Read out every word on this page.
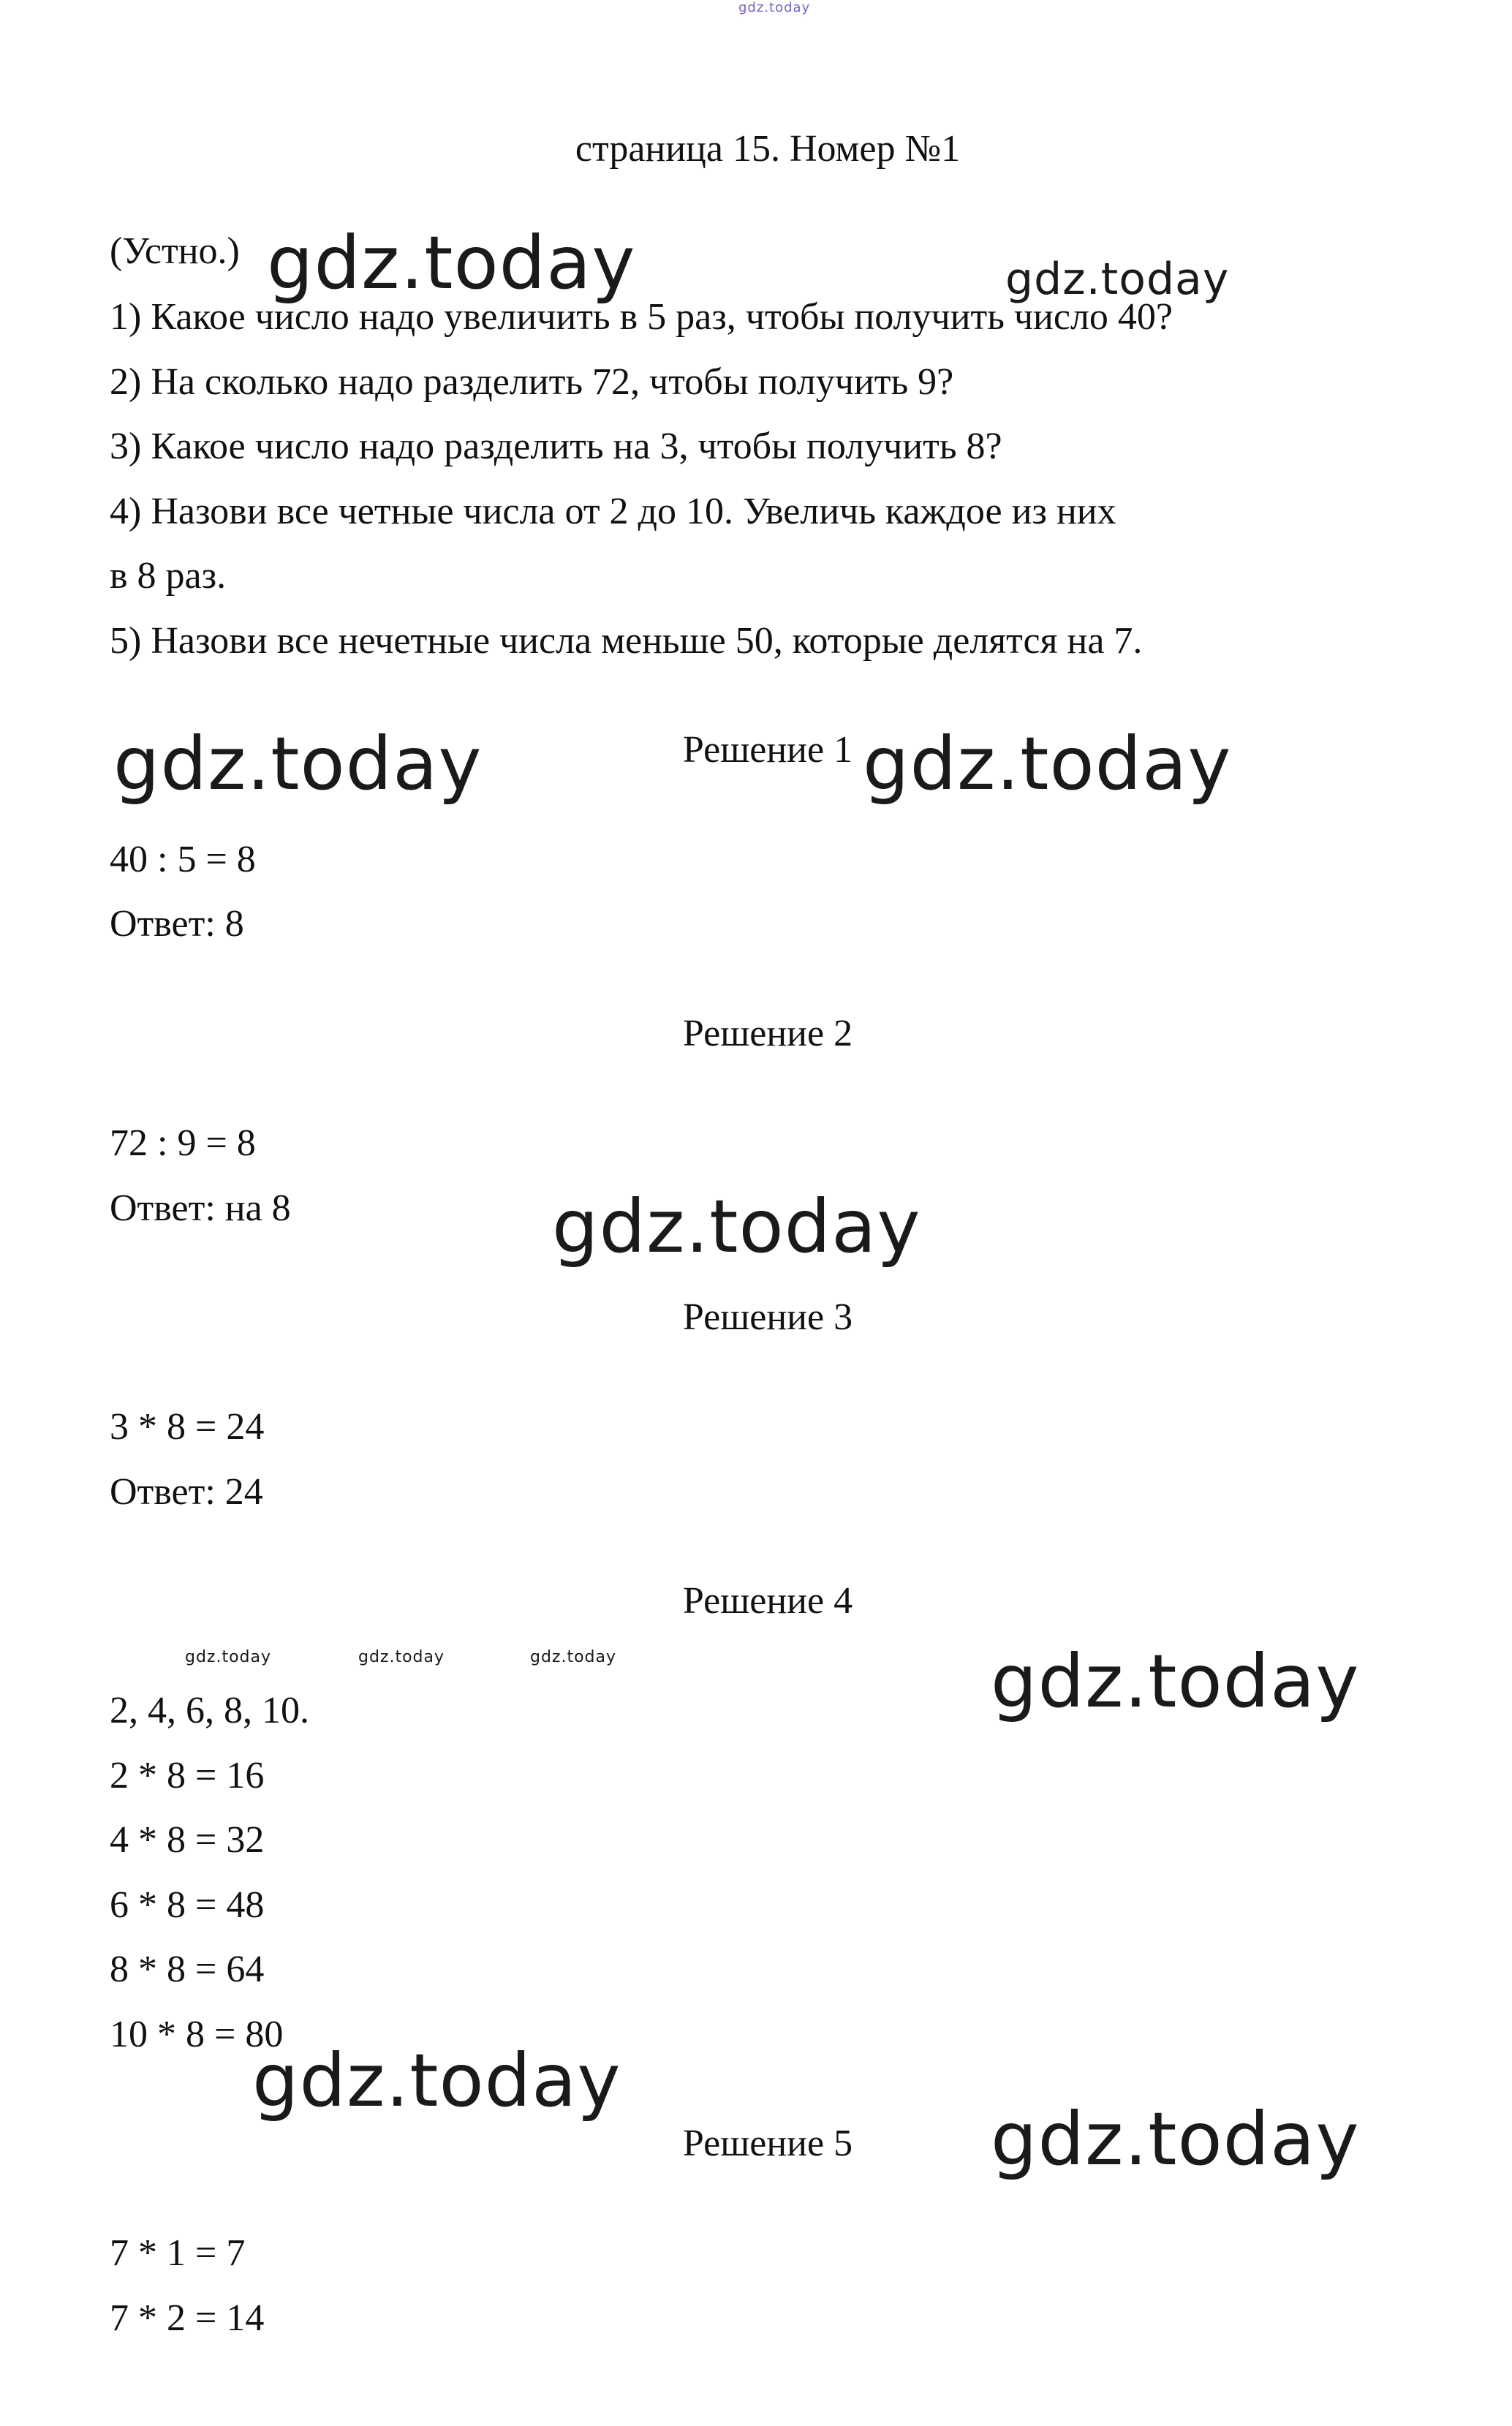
gdz.today
страница 15. Номер №1
(Устно.)
1) Какое число надо увеличить в 5 раз, чтобы получить число 40?
2) На сколько надо разделить 72, чтобы получить 9?
3) Какое число надо разделить на 3, чтобы получить 8?
4) Назови все четные числа от 2 до 10. Увеличь каждое из них
в 8 раз.
5) Назови все нечетные числа меньше 50, которые делятся на 7.
Решение 1
40 : 5 = 8
Ответ: 8
Решение 2
72 : 9 = 8
Ответ: на 8
Решение 3
3 * 8 = 24
Ответ: 24
Решение 4
2, 4, 6, 8, 10.
2 * 8 = 16
4 * 8 = 32
6 * 8 = 48
8 * 8 = 64
10 * 8 = 80
Решение 5
7 * 1 = 7
7 * 2 = 14
gdz.today	gdz.today
gdz.today	gdz.today
gdz.today
gdz.today	gdz.today	gdz.today	gdz.today
gdz.today
gdz.today
